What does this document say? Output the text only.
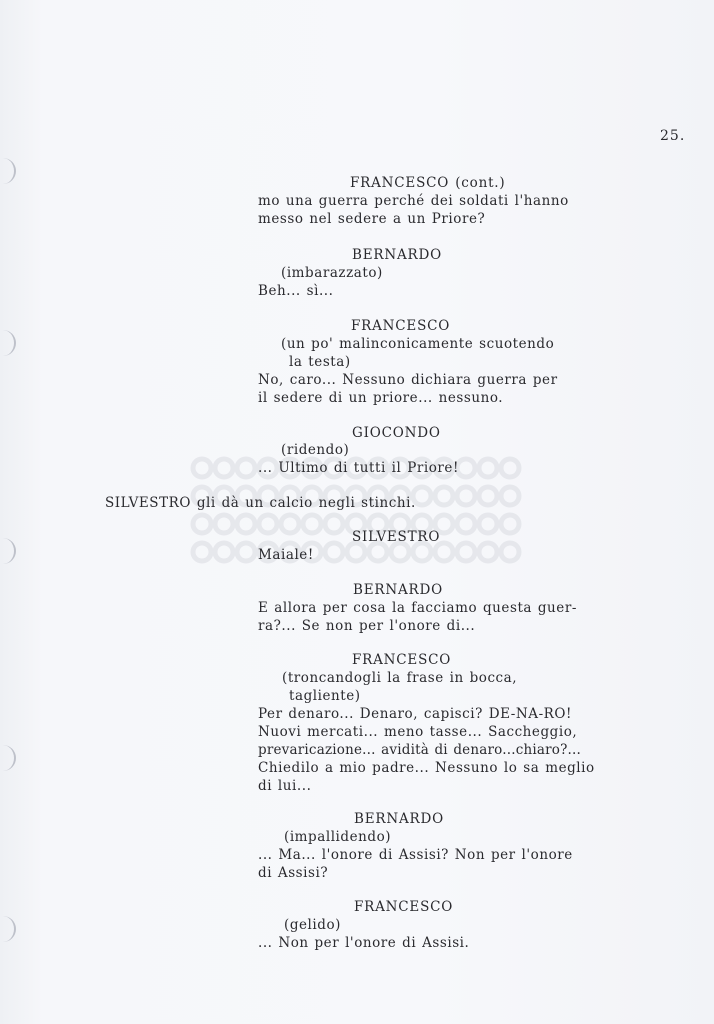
25.
FRANCESCO (cont.)
mo una guerra perché dei soldati l'hanno
messo nel sedere a un Priore?
BERNARDO
(imbarazzato)
Beh... sì...
FRANCESCO
(un po' malinconicamente scuotendo
la testa)
No, caro... Nessuno dichiara guerra per
il sedere di un priore... nessuno.
GIOCONDO
(ridendo)
... Ultimo di tutti il Priore!
SILVESTRO gli dà un calcio negli stinchi.
SILVESTRO
Maiale!
BERNARDO
E allora per cosa la facciamo questa guer-
ra?... Se non per l'onore di...
FRANCESCO
(troncandogli la frase in bocca,
tagliente)
Per denaro... Denaro, capisci? DE-NA-RO!
Nuovi mercati... meno tasse... Saccheggio,
prevaricazione... avidità di denaro...chiaro?...
Chiedilo a mio padre... Nessuno lo sa meglio
di lui...
BERNARDO
(impallidendo)
... Ma... l'onore di Assisi? Non per l'onore
di Assisi?
FRANCESCO
(gelido)
... Non per l'onore di Assisi.
